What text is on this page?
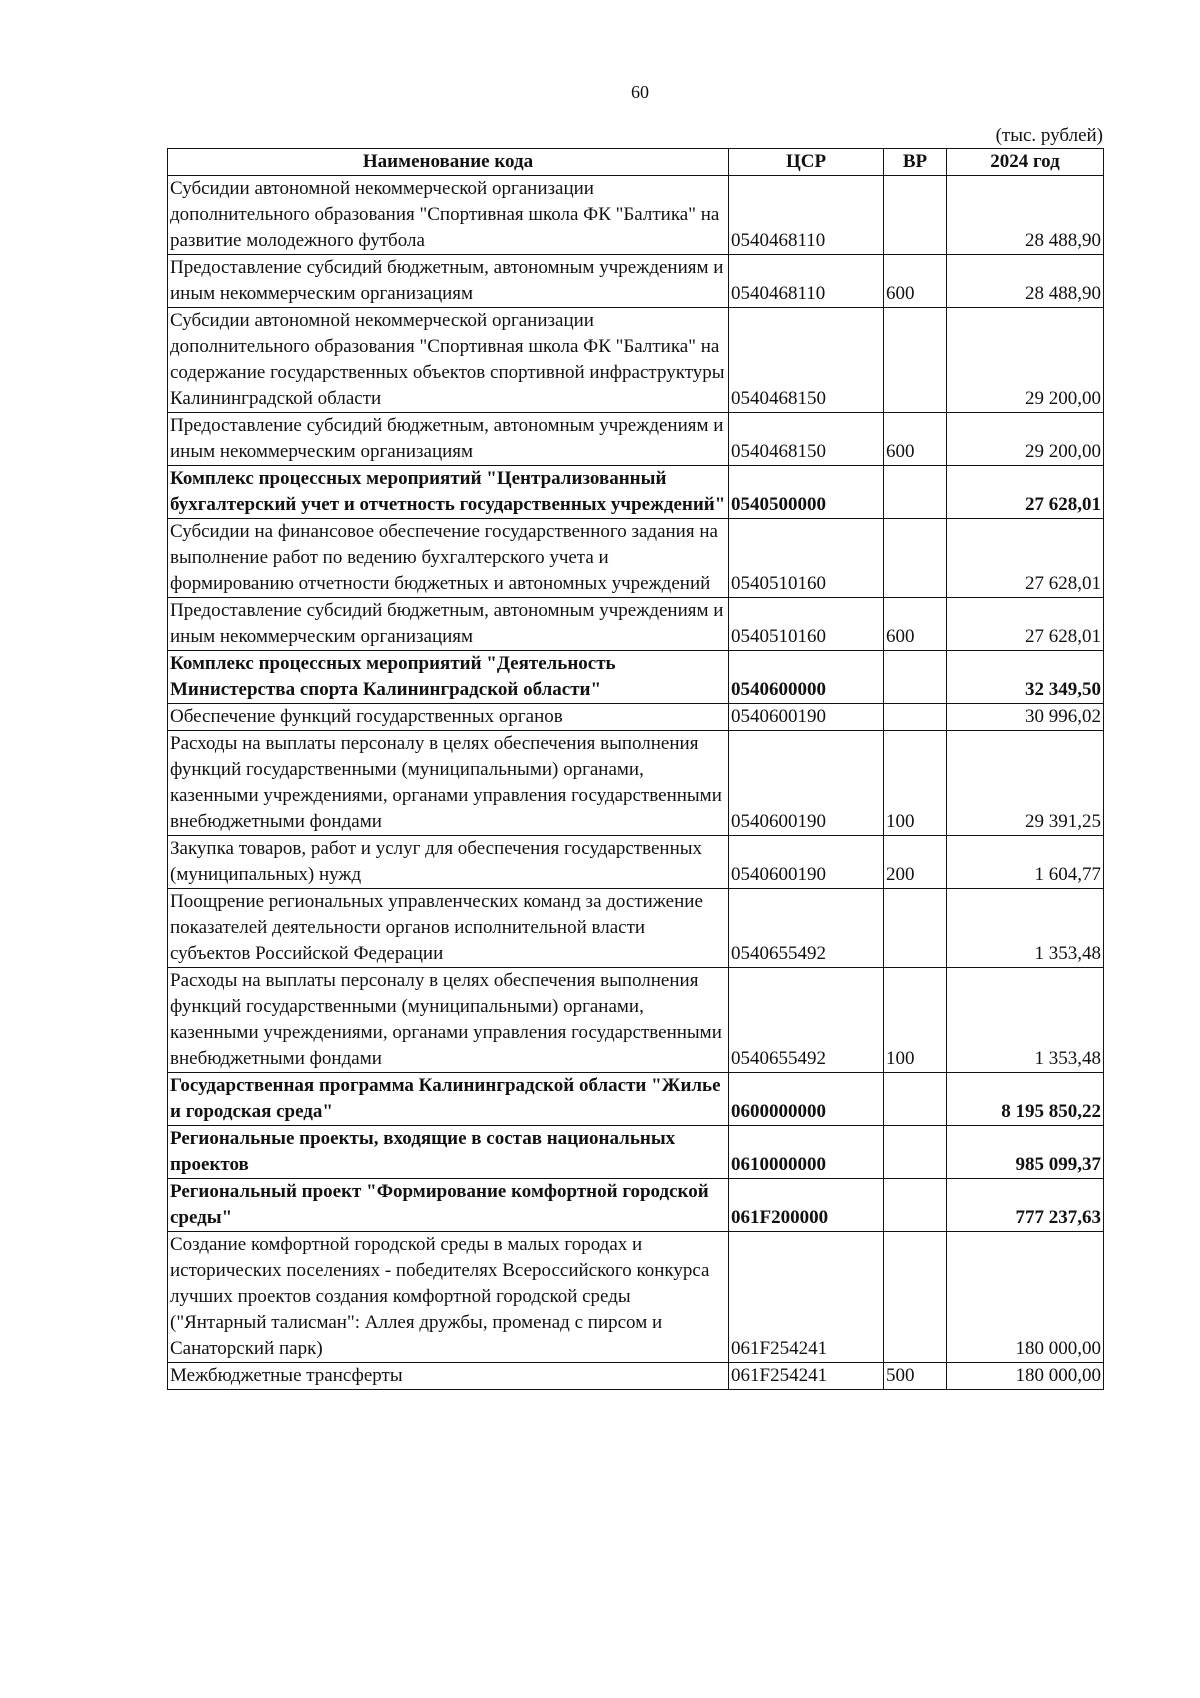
60
(тыс. рублей)
Наименование кода	ЦСР	ВР	2024 год
Субсидии автономной некоммерческой организации дополнительного образования "Спортивная школа ФК "Балтика" на развитие молодежного футбола	0540468110		28 488,90
Предоставление субсидий бюджетным, автономным учреждениям и иным некоммерческим организациям	0540468110	600	28 488,90
Субсидии автономной некоммерческой организации дополнительного образования "Спортивная школа ФК "Балтика" на содержание государственных объектов спортивной инфраструктуры Калининградской области	0540468150		29 200,00
Предоставление субсидий бюджетным, автономным учреждениям и иным некоммерческим организациям	0540468150	600	29 200,00
Комплекс процессных мероприятий "Централизованный бухгалтерский учет и отчетность государственных учреждений"	0540500000		27 628,01
Субсидии на финансовое обеспечение государственного задания на выполнение работ по ведению бухгалтерского учета и формированию отчетности бюджетных и автономных учреждений	0540510160		27 628,01
Предоставление субсидий бюджетным, автономным учреждениям и иным некоммерческим организациям	0540510160	600	27 628,01
Комплекс процессных мероприятий "Деятельность Министерства спорта Калининградской области"	0540600000		32 349,50
Обеспечение функций государственных органов	0540600190		30 996,02
Расходы на выплаты персоналу в целях обеспечения выполнения функций государственными (муниципальными) органами, казенными учреждениями, органами управления государственными внебюджетными фондами	0540600190	100	29 391,25
Закупка товаров, работ и услуг для обеспечения государственных (муниципальных) нужд	0540600190	200	1 604,77
Поощрение региональных управленческих команд за достижение показателей деятельности органов исполнительной власти субъектов Российской Федерации	0540655492		1 353,48
Расходы на выплаты персоналу в целях обеспечения выполнения функций государственными (муниципальными) органами, казенными учреждениями, органами управления государственными внебюджетными фондами	0540655492	100	1 353,48
Государственная программа Калининградской области "Жилье и городская среда"	0600000000		8 195 850,22
Региональные проекты, входящие в состав национальных проектов	0610000000		985 099,37
Региональный проект "Формирование комфортной городской среды"	061F200000		777 237,63
Создание комфортной городской среды в малых городах и исторических поселениях - победителях Всероссийского конкурса лучших проектов создания комфортной городской среды ("Янтарный талисман": Аллея дружбы, променад с пирсом и Санаторский парк)	061F254241		180 000,00
Межбюджетные трансферты	061F254241	500	180 000,00
